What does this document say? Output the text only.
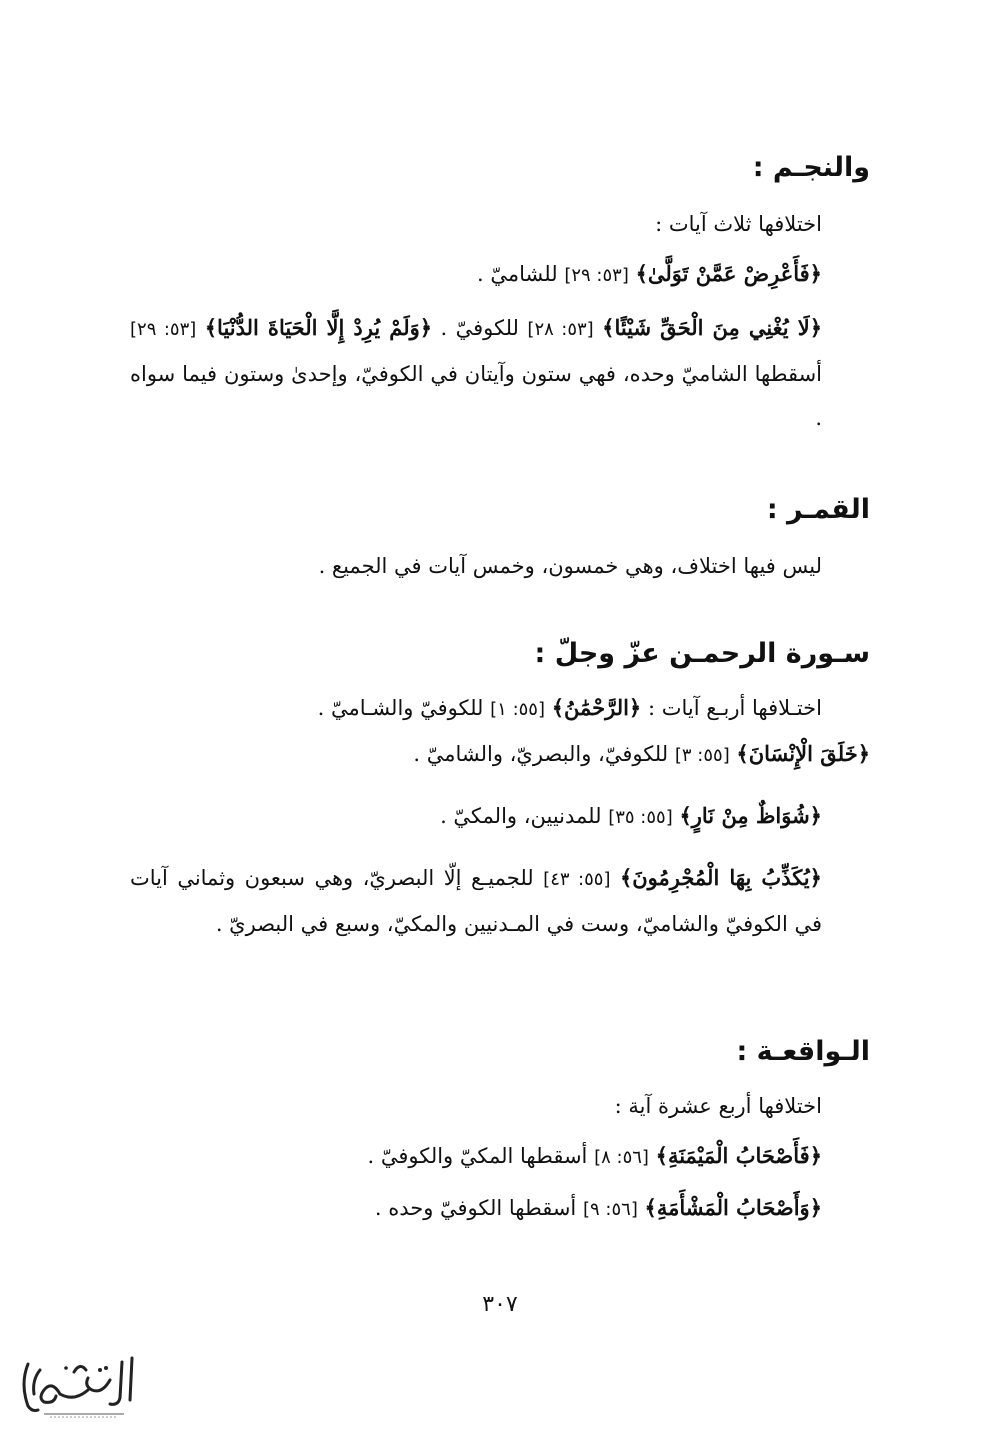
والنجـم :

اختلافها ثلاث آيات :

﴿فَأَعْرِضْ عَمَّنْ تَوَلَّىٰ﴾ [٥٣: ٢٩] للشاميّ .

﴿لَا يُغْنِي مِنَ الْحَقِّ شَيْئًا﴾ [٥٣: ٢٨] للكوفيّ . ﴿وَلَمْ يُرِدْ إِلَّا الْحَيَاةَ الدُّنْيَا﴾ [٥٣: ٢٩] أسقطها الشاميّ وحده، فهي ستون وآيتان في الكوفيّ، وإحدىٰ وستون فيما سواه .

القمـر :

ليس فيها اختلاف، وهي خمسون، وخمس آيات في الجميع .

سـورة الرحمـن عزّ وجلّ :

اختـلافها أربـع آيات : ﴿الرَّحْمَٰنُ﴾ [٥٥: ١] للكوفيّ والشـاميّ .

﴿خَلَقَ الْإِنْسَانَ﴾ [٥٥: ٣] للكوفيّ، والبصريّ، والشاميّ .

﴿شُوَاظٌ مِنْ نَارٍ﴾ [٥٥: ٣٥] للمدنيين، والمكيّ .

﴿يُكَذِّبُ بِهَا الْمُجْرِمُونَ﴾ [٥٥: ٤٣] للجميـع إلّا البصريّ، وهي سبعون وثماني آيات في الكوفيّ والشاميّ، وست في المـدنيين والمكيّ، وسبع في البصريّ .

الـواقعـة :

اختلافها أربع عشرة آية :

﴿فَأَصْحَابُ الْمَيْمَنَةِ﴾ [٥٦: ٨] أسقطها المكيّ والكوفيّ .

﴿وَأَصْحَابُ الْمَشْأَمَةِ﴾ [٥٦: ٩] أسقطها الكوفيّ وحده .

٣٠٧
